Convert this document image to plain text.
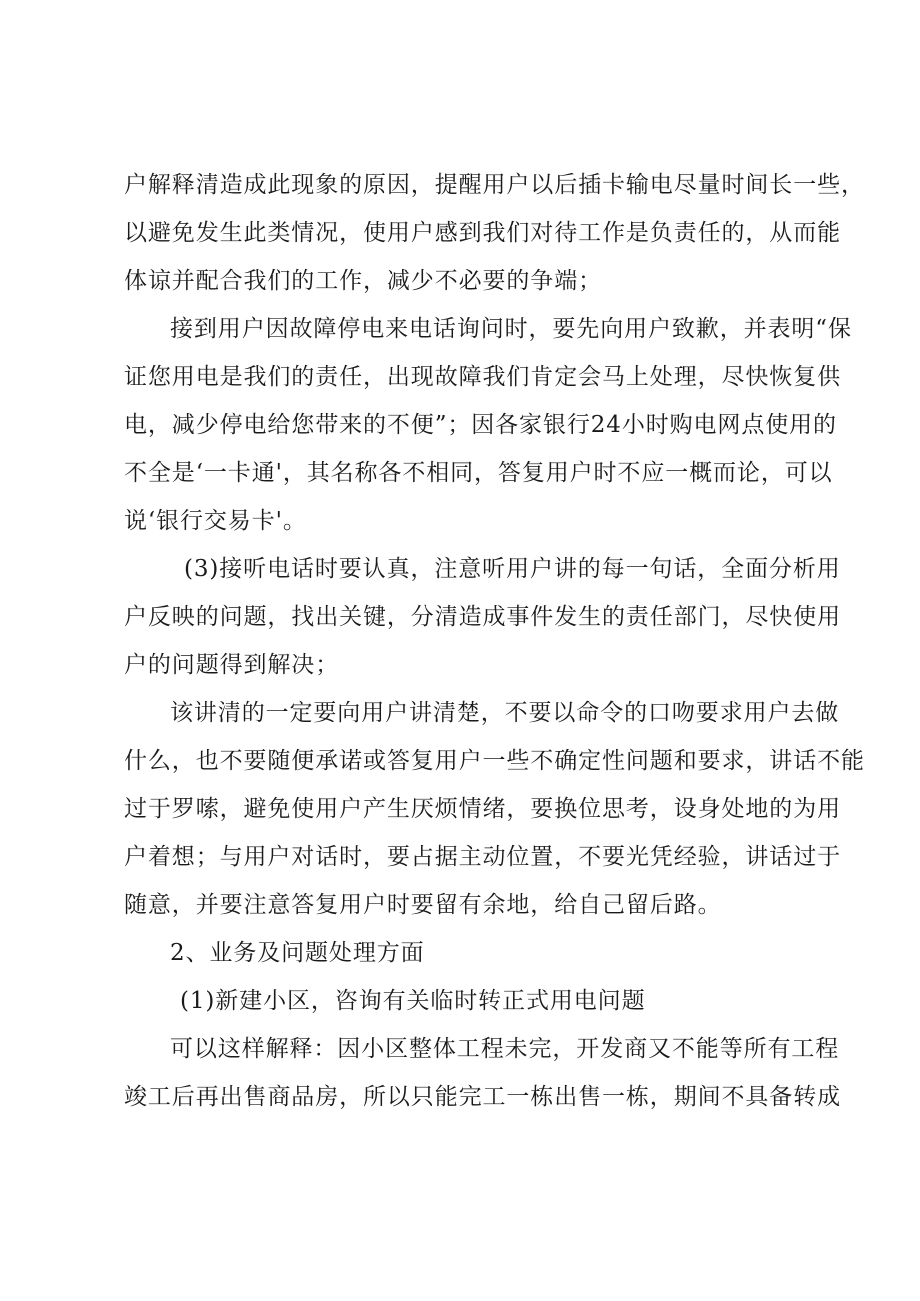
户解释清造成此现象的原因，提醒用户以后插卡输电尽量时间长一些，
以避免发生此类情况，使用户感到我们对待工作是负责任的，从而能
体谅并配合我们的工作，减少不必要的争端；
接到用户因故障停电来电话询问时，要先向用户致歉，并表明“保
证您用电是我们的责任，出现故障我们肯定会马上处理，尽快恢复供
电，减少停电给您带来的不便”；因各家银行24小时购电网点使用的
不全是‘一卡通'，其名称各不相同，答复用户时不应一概而论，可以
说‘银行交易卡'。
(3)接听电话时要认真，注意听用户讲的每一句话，全面分析用
户反映的问题，找出关键，分清造成事件发生的责任部门，尽快使用
户的问题得到解决；
该讲清的一定要向用户讲清楚，不要以命令的口吻要求用户去做
什么，也不要随便承诺或答复用户一些不确定性问题和要求，讲话不能
过于罗嗦，避免使用户产生厌烦情绪，要换位思考，设身处地的为用
户着想；与用户对话时，要占据主动位置，不要光凭经验，讲话过于
随意，并要注意答复用户时要留有余地，给自己留后路。
2、业务及问题处理方面
(1)新建小区，咨询有关临时转正式用电问题
可以这样解释：因小区整体工程未完，开发商又不能等所有工程
竣工后再出售商品房，所以只能完工一栋出售一栋，期间不具备转成
